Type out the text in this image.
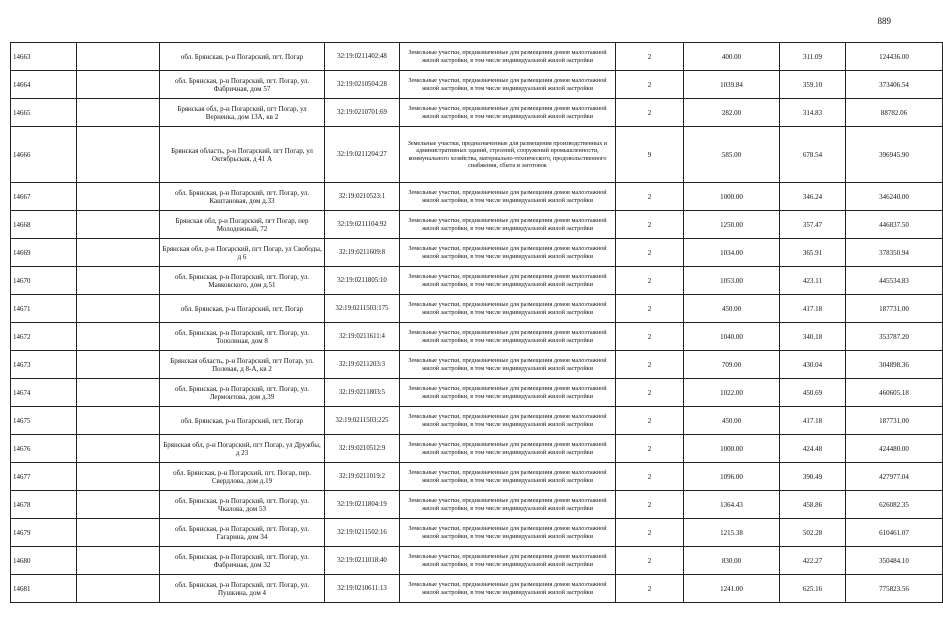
889
14663		обл. Брянская, р-н Погарский, пгт. Погар	32:19:0211402:48	Земельные участки, предназначенные для размещения домов малоэтажной жилой застройки, в том числе индивидуальной жилой застройки	2	400.00	311.09	124436.00
14664		обл. Брянская, р-н Погарский, пгт. Погар, ул. Фабричная, дом 57	32:19:0210504:28	Земельные участки, предназначенные для размещения домов малоэтажной жилой застройки, в том числе индивидуальной жилой застройки	2	1039.84	359.10	373406.54
14665		Брянская обл, р-н Погарский, пгт Погар, ул Верненка, дом 13А, кв 2	32:19:0210701:69	Земельные участки, предназначенные для размещения домов малоэтажной жилой застройки, в том числе индивидуальной жилой застройки	2	282.00	314.83	88782.06
14666		Брянская область, р-н Погарский, пгт Погар, ул Октябрьская, д 41 А	32:19:0211204:27	Земельные участки, предназначенные для размещения производственных и административных зданий, строений, сооружений промышленности, коммунального хозяйства, материально-технического, продовольственного снабжения, сбыта и заготовок	9	585.00	678.54	396945.90
14667		обл. Брянская, р-н Погарский, пгт. Погар, ул. Каштановая, дом д.33	32:19:0210523:1	Земельные участки, предназначенные для размещения домов малоэтажной жилой застройки, в том числе индивидуальной жилой застройки	2	1000.00	346.24	346240.00
14668		Брянская обл, р-н Погарский, пгт Погар, пер Молодежный, 72	32:19:0211104:92	Земельные участки, предназначенные для размещения домов малоэтажной жилой застройки, в том числе индивидуальной жилой застройки	2	1250.00	357.47	446837.50
14669		Брянская обл, р-н Погарский, пгт Погар, ул Свободы, д 6	32:19:0211609:8	Земельные участки, предназначенные для размещения домов малоэтажной жилой застройки, в том числе индивидуальной жилой застройки	2	1034.00	365.91	378350.94
14670		обл. Брянская, р-н Погарский, пгт. Погар, ул. Маяковского, дом д.51	32:19:0211805:10	Земельные участки, предназначенные для размещения домов малоэтажной жилой застройки, в том числе индивидуальной жилой застройки	2	1053.00	423.11	445534.83
14671		обл. Брянская, р-н Погарский, пгт. Погар	32:19:0211503:175	Земельные участки, предназначенные для размещения домов малоэтажной жилой застройки, в том числе индивидуальной жилой застройки	2	450.00	417.18	187731.00
14672		обл. Брянская, р-н Погарский, пгт. Погар, ул. Тополиная, дом 8	32:19:0211611:4	Земельные участки, предназначенные для размещения домов малоэтажной жилой застройки, в том числе индивидуальной жилой застройки	2	1040.00	340.18	353787.20
14673		Брянская область, р-н Погарский, пгт Погар, ул. Полевая, д 8-А, кв 2	32:19:0211203:3	Земельные участки, предназначенные для размещения домов малоэтажной жилой застройки, в том числе индивидуальной жилой застройки	2	709.00	430.04	304898.36
14674		обл. Брянская, р-н Погарский, пгт. Погар, ул. Лермонтова, дом д.39	32:19:0211803:5	Земельные участки, предназначенные для размещения домов малоэтажной жилой застройки, в том числе индивидуальной жилой застройки	2	1022.00	450.69	460605.18
14675		обл. Брянская, р-н Погарский, пгт. Погар	32:19:0211503:225	Земельные участки, предназначенные для размещения домов малоэтажной жилой застройки, в том числе индивидуальной жилой застройки	2	450.00	417.18	187731.00
14676		Брянская обл, р-н Погарский, пгт Погар, ул Дружбы, д 23	32:19:0210512:9	Земельные участки, предназначенные для размещения домов малоэтажной жилой застройки, в том числе индивидуальной жилой застройки	2	1000.00	424.48	424480.00
14677		обл. Брянская, р-н Погарский, пгт. Погар, пер. Свердлова, дом д.19	32:19:0211019:2	Земельные участки, предназначенные для размещения домов малоэтажной жилой застройки, в том числе индивидуальной жилой застройки	2	1096.00	390.49	427977.04
14678		обл. Брянская, р-н Погарский, пгт. Погар, ул. Чкалова, дом 53	32:19:0211804:19	Земельные участки, предназначенные для размещения домов малоэтажной жилой застройки, в том числе индивидуальной жилой застройки	2	1364.43	458.86	626082.35
14679		обл. Брянская, р-н Погарский, пгт. Погар, ул. Гагарина, дом 34	32:19:0211502:16	Земельные участки, предназначенные для размещения домов малоэтажной жилой застройки, в том числе индивидуальной жилой застройки	2	1215.38	502.28	610461.07
14680		обл. Брянская, р-н Погарский, пгт. Погар, ул. Фабричная, дом 32	32:19:0211018:40	Земельные участки, предназначенные для размещения домов малоэтажной жилой застройки, в том числе индивидуальной жилой застройки	2	830.00	422.27	350484.10
14681		обл. Брянская, р-н Погарский, пгт. Погар, ул. Пушкина, дом 4	32:19:0210611:13	Земельные участки, предназначенные для размещения домов малоэтажной жилой застройки, в том числе индивидуальной жилой застройки	2	1241.00	625.16	775823.56
